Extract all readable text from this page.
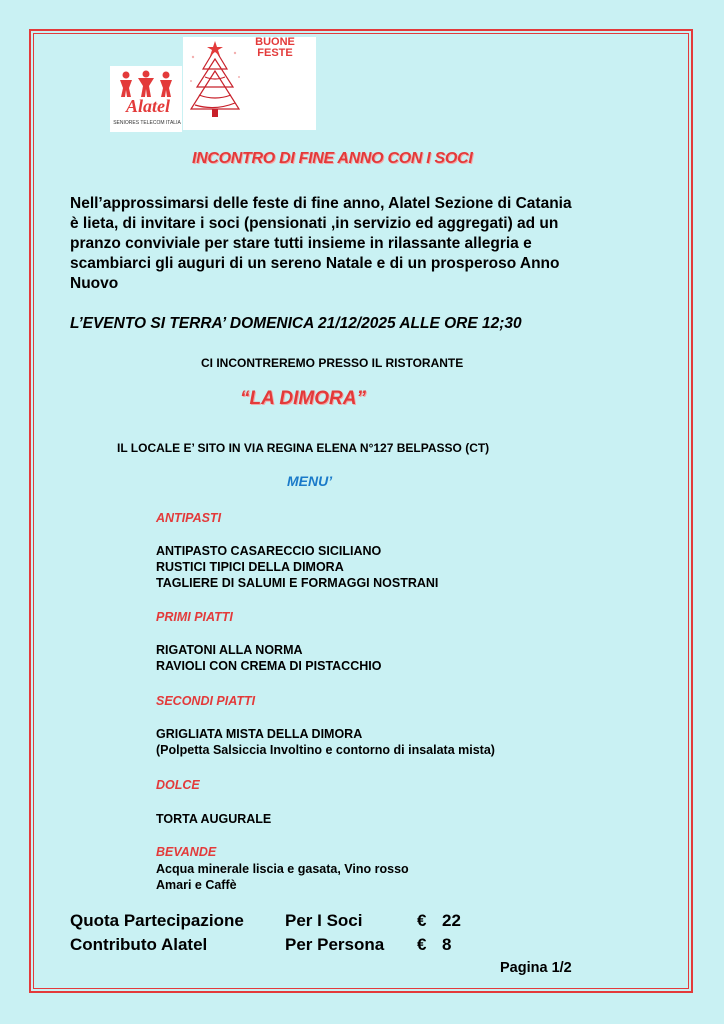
Alatel
SENIORES TELECOM ITALIA
BUONE
FESTE
INCONTRO DI FINE ANNO CON I SOCI
Nell’approssimarsi delle feste di fine anno, Alatel Sezione di Catania
è lieta, di invitare i soci (pensionati ,in servizio ed aggregati) ad un
pranzo conviviale per stare tutti insieme in rilassante allegria e
scambiarci gli auguri di un sereno Natale e di un prosperoso Anno
Nuovo
L’EVENTO SI TERRA’ DOMENICA 21/12/2025 ALLE ORE 12;30
CI INCONTREREMO PRESSO IL RISTORANTE
“LA DIMORA”
IL LOCALE E’ SITO IN VIA REGINA ELENA N°127 BELPASSO (CT)
MENU’
ANTIPASTI
ANTIPASTO CASARECCIO SICILIANO
RUSTICI TIPICI DELLA DIMORA
TAGLIERE DI SALUMI E FORMAGGI NOSTRANI
PRIMI PIATTI
RIGATONI ALLA NORMA
RAVIOLI CON CREMA DI PISTACCHIO
SECONDI PIATTI
GRIGLIATA MISTA DELLA DIMORA
(Polpetta Salsiccia Involtino e contorno di insalata mista)
DOLCE
TORTA AUGURALE
BEVANDE
Acqua minerale liscia e gasata, Vino rosso
Amari e Caffè
Quota Partecipazione Per I Soci	€ 22
Contributo Alatel	Per Persona € 8
Pagina 1/2
